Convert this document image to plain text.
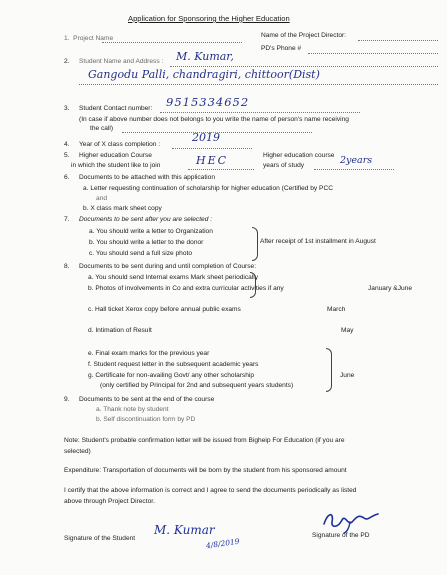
Application for Sponsoring the Higher Education
1.  Project Name	Name of the Project Director:
PD's Phone #
2. Student Name and Address : M. Kumar,
Gangodu Palli, chandragiri, chittoor(Dist)
3. Student Contact number: 9515334652
(In case if above number does not belongs to you write the name of person's name receiving
the call)
4. Year of X class completion :
2019
5. Higher education Course
in which the student like to join	HEC	Higher education course
years of study	2years
6. Documents to be attached with this application
a. Letter requesting continuation of scholarship for higher education (Certified by PCC
and
b. X class mark sheet copy
7. Documents to be sent after you are selected :
a. You should write a letter to Organization
b. You should write a letter to the donor
c. You should send a full size photo
After receipt of 1st installment in August
8. Documents to be sent during and until completion of Course:
a. You should send Internal exams Mark sheet periodically
b. Photos of involvements in Co and extra curricular activities if any	January &June
c. Hall ticket Xerox copy before annual public exams	March
d. Intimation of Result	May
e. Final exam marks for the previous year
f. Student request letter in the subsequent academic years
g. Certificate for non-availing Govt/ any other scholarship
(only certified by Principal for 2nd and subsequent years students)
June
9. Documents to be sent at the end of the course
a. Thank note by student
b. Self discontinuation form by PD
Note: Student's probable confirmation letter will be issued from Bigheip For Education (if you are
selected)
Expenditure: Transportation of documents will be born by the student from his sponsored amount
I certify that the above information is correct and I agree to send the documents periodically as listed
above through Project Director.
Signature of the Student
M. Kumar
4/8/2019
Signature of the PD
